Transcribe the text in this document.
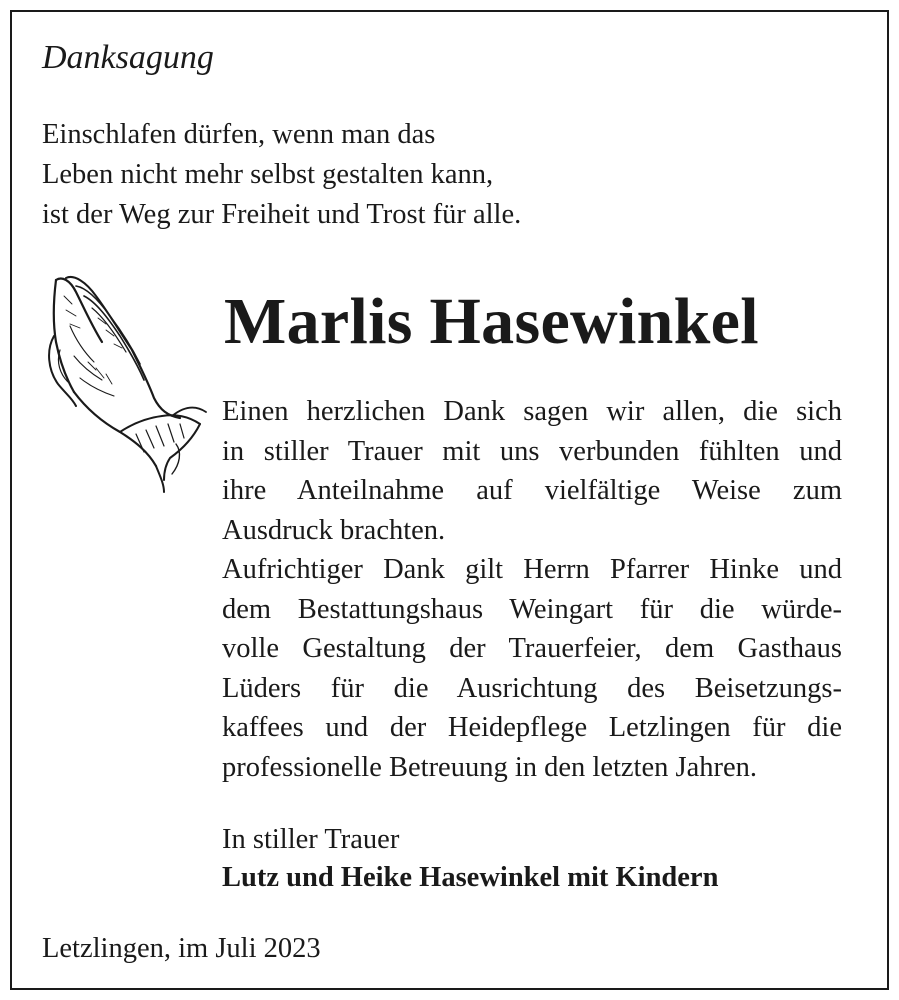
Danksagung
Einschlafen dürfen, wenn man das
Leben nicht mehr selbst gestalten kann,
ist der Weg zur Freiheit und Trost für alle.
Marlis Hasewinkel
Einen herzlichen Dank sagen wir allen, die sich
in stiller Trauer mit uns verbunden fühlten und
ihre Anteilnahme auf vielfältige Weise zum
Ausdruck brachten.
Aufrichtiger Dank gilt Herrn Pfarrer Hinke und
dem Bestattungshaus Weingart für die würde-
volle Gestaltung der Trauerfeier, dem Gasthaus
Lüders für die Ausrichtung des Beisetzungs-
kaffees und der Heidepflege Letzlingen für die
professionelle Betreuung in den letzten Jahren.
In stiller Trauer
Lutz und Heike Hasewinkel mit Kindern
Letzlingen, im Juli 2023
